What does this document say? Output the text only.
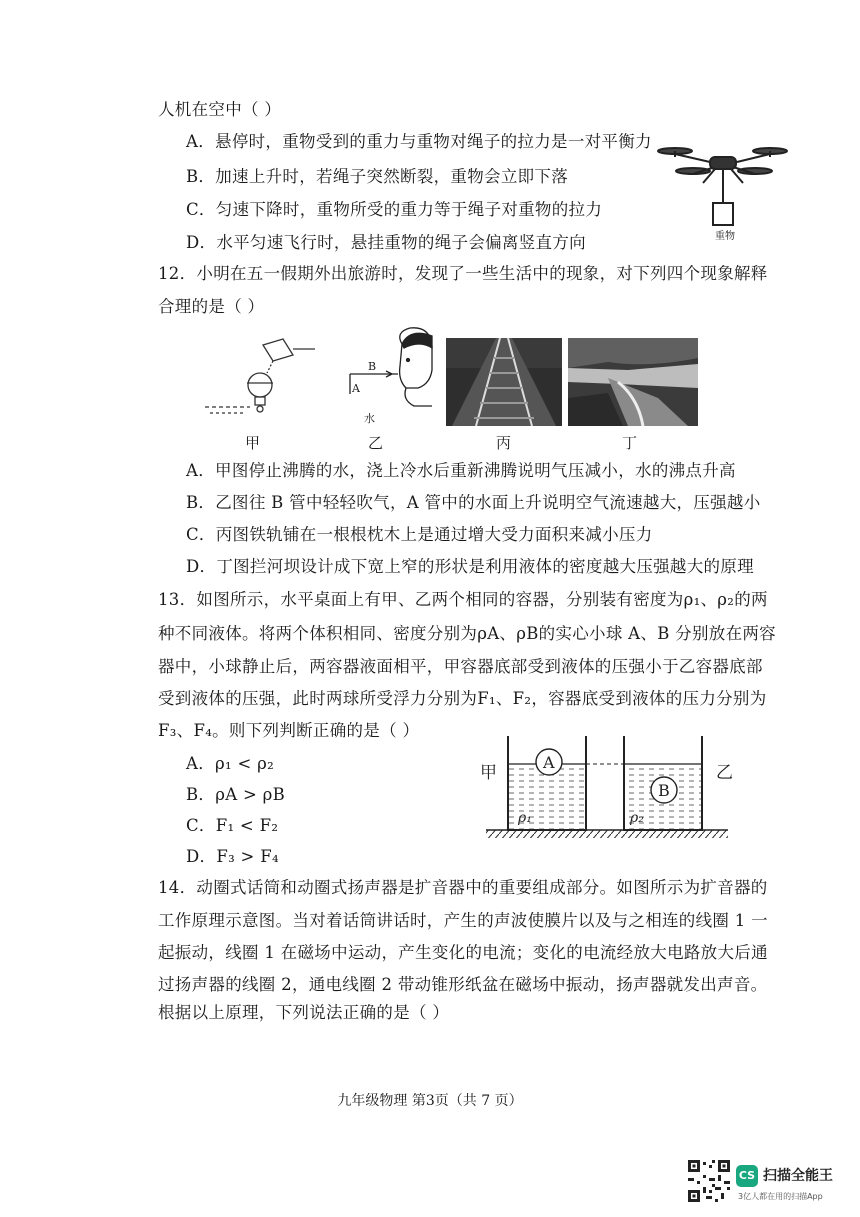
人机在空中（ ）
A．悬停时，重物受到的重力与重物对绳子的拉力是一对平衡力
B．加速上升时，若绳子突然断裂，重物会立即下落
C．匀速下降时，重物所受的重力等于绳子对重物的拉力
D．水平匀速飞行时，悬挂重物的绳子会偏离竖直方向	重物
12．小明在五一假期外出旅游时，发现了一些生活中的现象，对下列四个现象解释
合理的是（ ）
甲
B
A
水
乙	丙	丁
A．甲图停止沸腾的水，浇上冷水后重新沸腾说明气压减小，水的沸点升高
B．乙图往 B 管中轻轻吹气，A 管中的水面上升说明空气流速越大，压强越小
C．丙图铁轨铺在一根根枕木上是通过增大受力面积来减小压力
D．丁图拦河坝设计成下宽上窄的形状是利用液体的密度越大压强越大的原理
13．如图所示，水平桌面上有甲、乙两个相同的容器，分别装有密度为ρ₁、ρ₂的两
种不同液体。将两个体积相同、密度分别为ρA、ρB的实心小球 A、B 分别放在两容
器中，小球静止后，两容器液面相平，甲容器底部受到液体的压强小于乙容器底部
受到液体的压强，此时两球所受浮力分别为F₁、F₂，容器底受到液体的压力分别为
F₃、F₄。则下列判断正确的是（ ）
A．ρ₁ < ρ₂
B．ρA > ρB
C．F₁ < F₂
D．F₃ > F₄
A
B
ρ₁	ρ₂
甲	乙
14．动圈式话筒和动圈式扬声器是扩音器中的重要组成部分。如图所示为扩音器的
工作原理示意图。当对着话筒讲话时，产生的声波使膜片以及与之相连的线圈 1 一
起振动，线圈 1 在磁场中运动，产生变化的电流；变化的电流经放大电路放大后通
过扬声器的线圈 2，通电线圈 2 带动锥形纸盆在磁场中振动，扬声器就发出声音。
根据以上原理，下列说法正确的是（ ）
九年级物理 第3页（共 7 页）
CS 扫描全能王
3亿人都在用的扫描App
